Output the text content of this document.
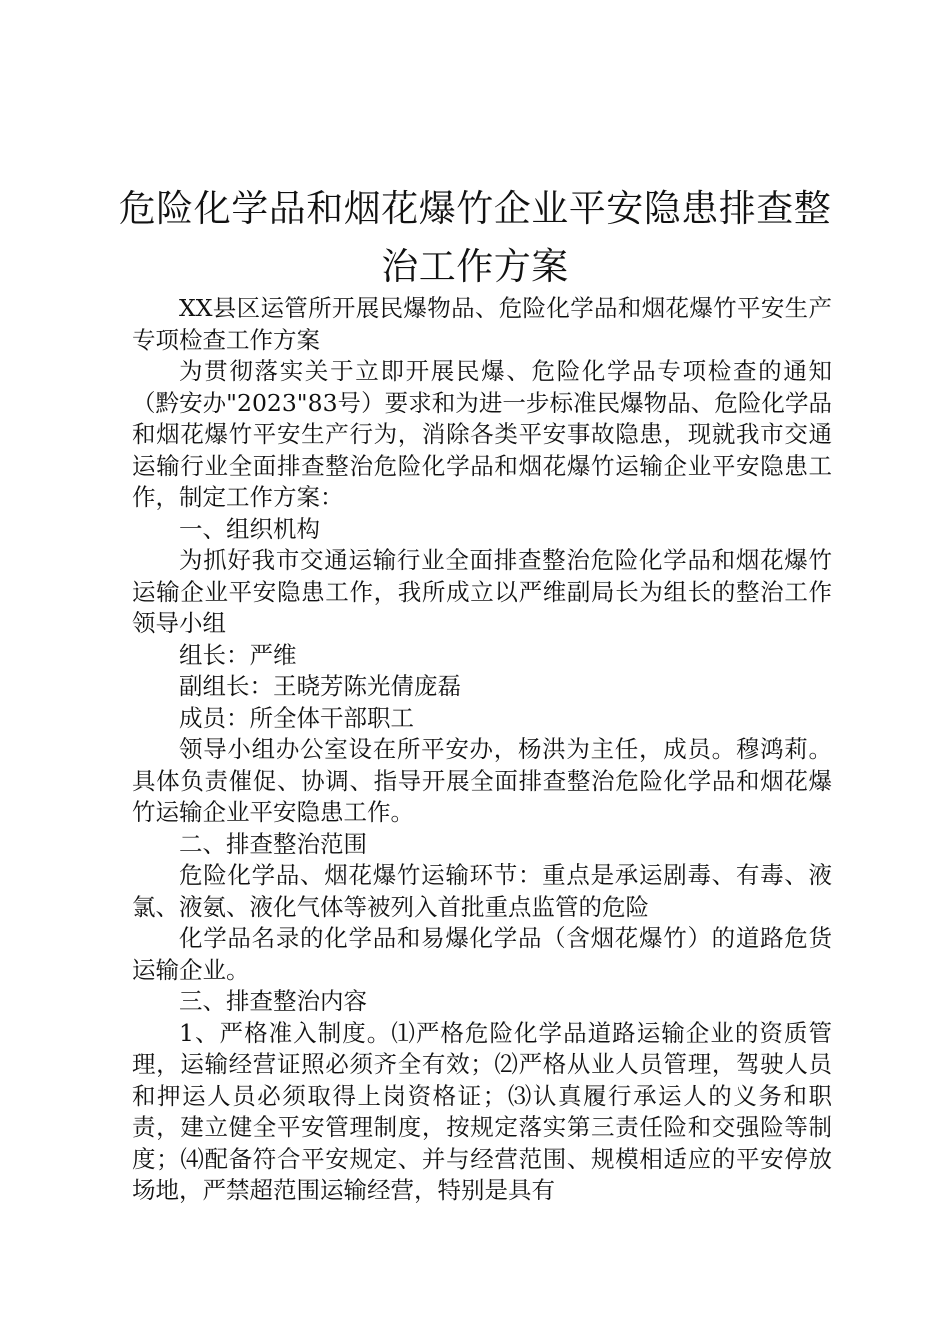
危险化学品和烟花爆竹企业平安隐患排查整
治工作方案

XX县区运管所开展民爆物品、危险化学品和烟花爆竹平安生产专项检查工作方案

为贯彻落实关于立即开展民爆、危险化学品专项检查的通知（黔安办"2023"83号）要求和为进一步标准民爆物品、危险化学品和烟花爆竹平安生产行为，消除各类平安事故隐患，现就我市交通运输行业全面排查整治危险化学品和烟花爆竹运输企业平安隐患工作，制定工作方案：

一、组织机构

为抓好我市交通运输行业全面排查整治危险化学品和烟花爆竹运输企业平安隐患工作，我所成立以严维副局长为组长的整治工作领导小组

组长：严维

副组长：王晓芳陈光倩庞磊

成员：所全体干部职工

领导小组办公室设在所平安办，杨洪为主任，成员。穆鸿莉。具体负责催促、协调、指导开展全面排查整治危险化学品和烟花爆竹运输企业平安隐患工作。

二、排查整治范围

危险化学品、烟花爆竹运输环节：重点是承运剧毒、有毒、液氯、液氨、液化气体等被列入首批重点监管的危险

化学品名录的化学品和易爆化学品（含烟花爆竹）的道路危货运输企业。

三、排查整治内容

1、严格准入制度。⑴严格危险化学品道路运输企业的资质管理，运输经营证照必须齐全有效；⑵严格从业人员管理，驾驶人员和押运人员必须取得上岗资格证；⑶认真履行承运人的义务和职责，建立健全平安管理制度，按规定落实第三责任险和交强险等制度；⑷配备符合平安规定、并与经营范围、规模相适应的平安停放场地，严禁超范围运输经营，特别是具有
